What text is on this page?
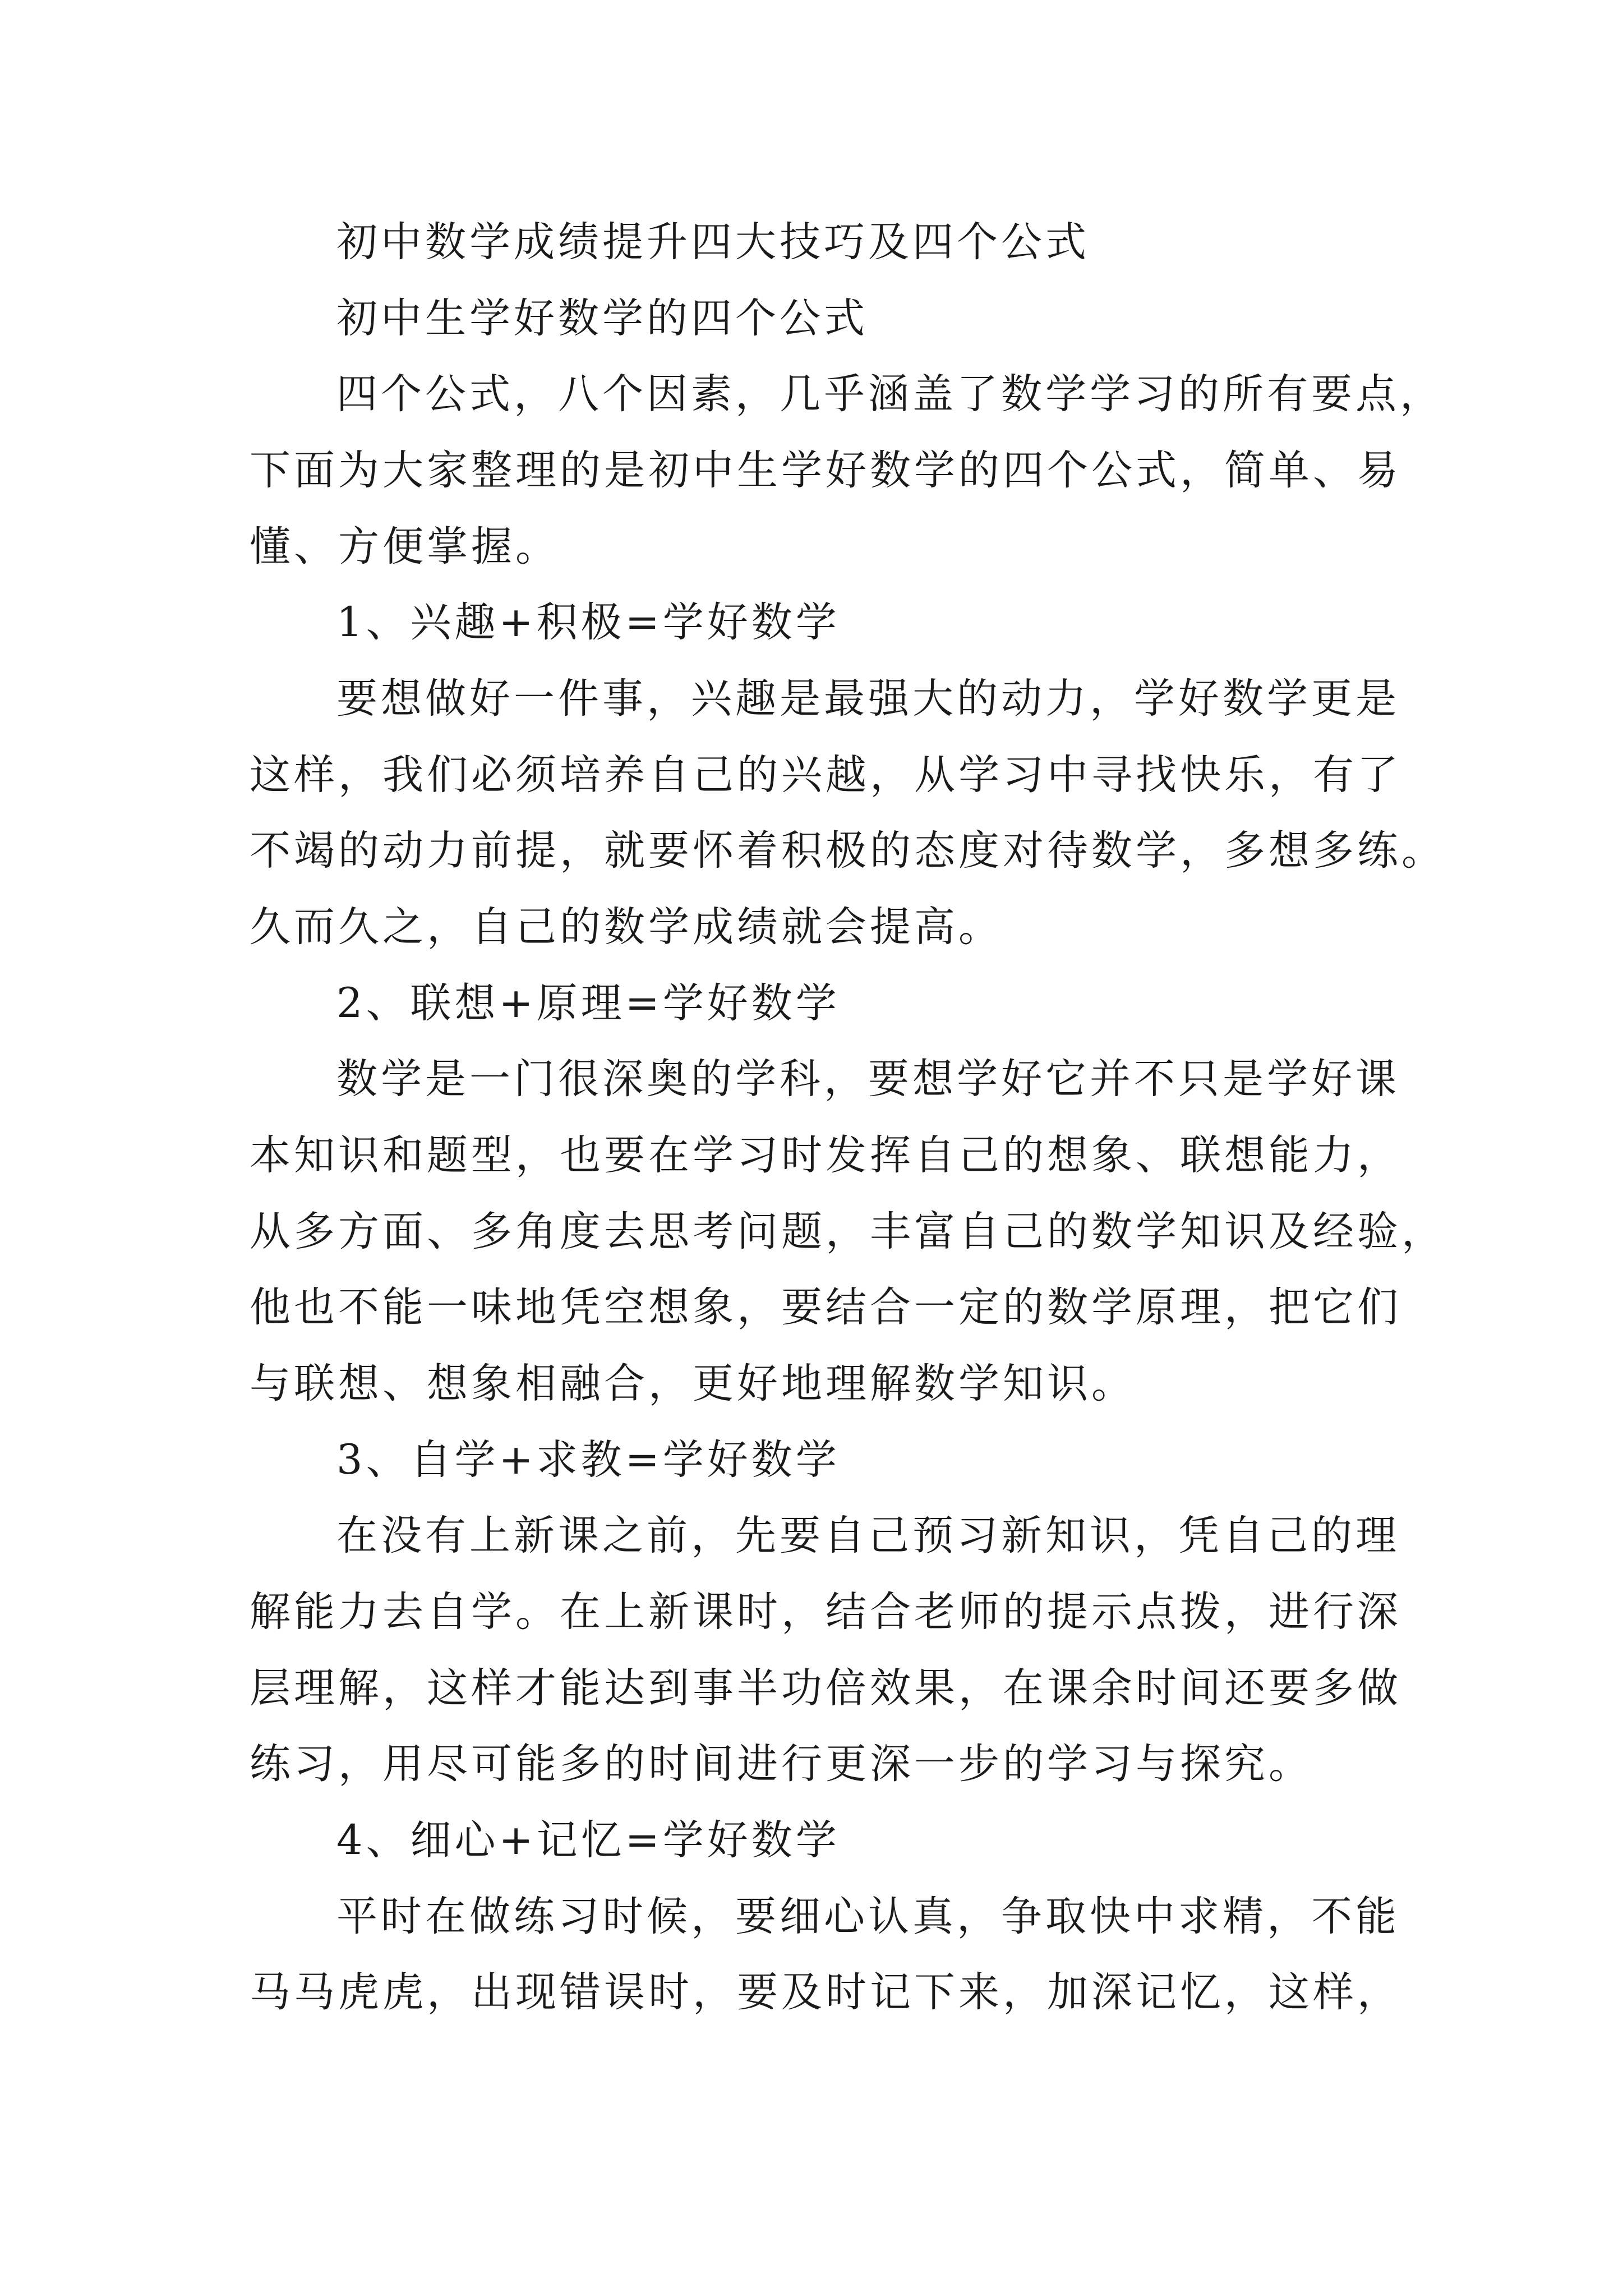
初中数学成绩提升四大技巧及四个公式
初中生学好数学的四个公式
四个公式，八个因素，几乎涵盖了数学学习的所有要点，
下面为大家整理的是初中生学好数学的四个公式，简单、易
懂、方便掌握。
1、兴趣+积极=学好数学
要想做好一件事，兴趣是最强大的动力，学好数学更是
这样，我们必须培养自己的兴越，从学习中寻找快乐，有了
不竭的动力前提，就要怀着积极的态度对待数学，多想多练。
久而久之，自己的数学成绩就会提高。
2、联想+原理=学好数学
数学是一门很深奥的学科，要想学好它并不只是学好课
本知识和题型，也要在学习时发挥自己的想象、联想能力，
从多方面、多角度去思考问题，丰富自己的数学知识及经验，
他也不能一味地凭空想象，要结合一定的数学原理，把它们
与联想、想象相融合，更好地理解数学知识。
3、自学+求教=学好数学
在没有上新课之前，先要自己预习新知识，凭自己的理
解能力去自学。在上新课时，结合老师的提示点拨，进行深
层理解，这样才能达到事半功倍效果，在课余时间还要多做
练习，用尽可能多的时间进行更深一步的学习与探究。
4、细心+记忆=学好数学
平时在做练习时候，要细心认真，争取快中求精，不能
马马虎虎，出现错误时，要及时记下来，加深记忆，这样，
